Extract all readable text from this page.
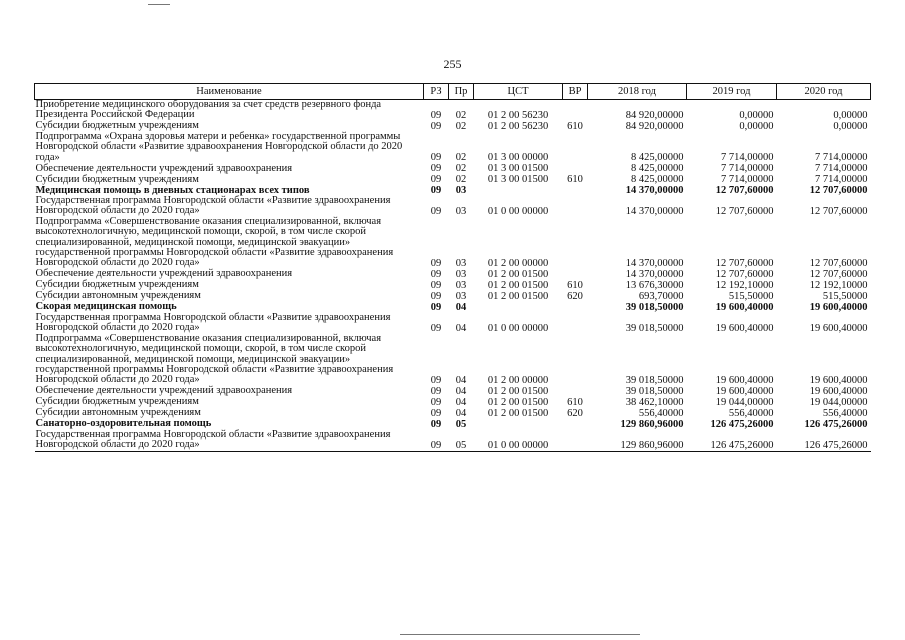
255
Наименование	РЗ	Пр	ЦСТ	ВР	2018 год	2019 год	2020 год
Приобретение медицинского оборудования за счет средств резервного фонда Президента Российской Федерации	09	02	01 2 00 56230		84 920,00000	0,00000	0,00000
Субсидии бюджетным учреждениям	09	02	01 2 00 56230	610	84 920,00000	0,00000	0,00000
Подпрограмма «Охрана здоровья матери и ребенка» государственной программы Новгородской области «Развитие здравоохранения Новгородской области до 2020 года»	09	02	01 3 00 00000		8 425,00000	7 714,00000	7 714,00000
Обеспечение деятельности учреждений здравоохранения	09	02	01 3 00 01500		8 425,00000	7 714,00000	7 714,00000
Субсидии бюджетным учреждениям	09	02	01 3 00 01500	610	8 425,00000	7 714,00000	7 714,00000
Медицинская помощь в дневных стационарах всех типов	09	03			14 370,00000	12 707,60000	12 707,60000
Государственная программа Новгородской области «Развитие здравоохранения Новгородской области до 2020 года»	09	03	01 0 00 00000		14 370,00000	12 707,60000	12 707,60000
Подпрограмма «Совершенствование оказания специализированной, включая высокотехнологичную, медицинской помощи, скорой, в том числе скорой специализированной, медицинской помощи, медицинской эвакуации» государственной программы Новгородской области «Развитие здравоохранения Новгородской области до 2020 года»	09	03	01 2 00 00000		14 370,00000	12 707,60000	12 707,60000
Обеспечение деятельности учреждений здравоохранения	09	03	01 2 00 01500		14 370,00000	12 707,60000	12 707,60000
Субсидии бюджетным учреждениям	09	03	01 2 00 01500	610	13 676,30000	12 192,10000	12 192,10000
Субсидии автономным учреждениям	09	03	01 2 00 01500	620	693,70000	515,50000	515,50000
Скорая медицинская помощь	09	04			39 018,50000	19 600,40000	19 600,40000
Государственная программа Новгородской области «Развитие здравоохранения Новгородской области до 2020 года»	09	04	01 0 00 00000		39 018,50000	19 600,40000	19 600,40000
Подпрограмма «Совершенствование оказания специализированной, включая высокотехнологичную, медицинской помощи, скорой, в том числе скорой специализированной, медицинской помощи, медицинской эвакуации» государственной программы Новгородской области «Развитие здравоохранения Новгородской области до 2020 года»	09	04	01 2 00 00000		39 018,50000	19 600,40000	19 600,40000
Обеспечение деятельности учреждений здравоохранения	09	04	01 2 00 01500		39 018,50000	19 600,40000	19 600,40000
Субсидии бюджетным учреждениям	09	04	01 2 00 01500	610	38 462,10000	19 044,00000	19 044,00000
Субсидии автономным учреждениям	09	04	01 2 00 01500	620	556,40000	556,40000	556,40000
Санаторно-оздоровительная помощь	09	05			129 860,96000	126 475,26000	126 475,26000
Государственная программа Новгородской области «Развитие здравоохранения Новгородской области до 2020 года»	09	05	01 0 00 00000		129 860,96000	126 475,26000	126 475,26000
